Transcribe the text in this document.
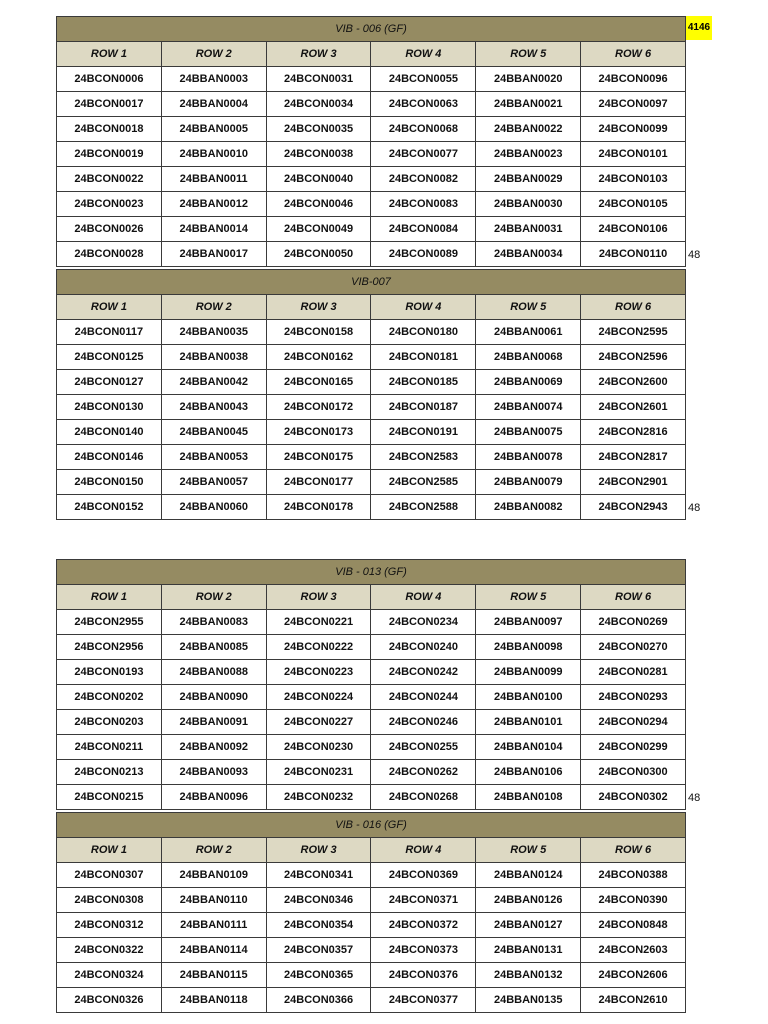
4146
VIB - 006 (GF)					
ROW 1	ROW 2	ROW 3	ROW 4	ROW 5	ROW 6
24BCON0006	24BBAN0003	24BCON0031	24BCON0055	24BBAN0020	24BCON0096
24BCON0017	24BBAN0004	24BCON0034	24BCON0063	24BBAN0021	24BCON0097
24BCON0018	24BBAN0005	24BCON0035	24BCON0068	24BBAN0022	24BCON0099
24BCON0019	24BBAN0010	24BCON0038	24BCON0077	24BBAN0023	24BCON0101
24BCON0022	24BBAN0011	24BCON0040	24BCON0082	24BBAN0029	24BCON0103
24BCON0023	24BBAN0012	24BCON0046	24BCON0083	24BBAN0030	24BCON0105
24BCON0026	24BBAN0014	24BCON0049	24BCON0084	24BBAN0031	24BCON0106
24BCON0028	24BBAN0017	24BCON0050	24BCON0089	24BBAN0034	24BCON0110 48
VIB-007					
ROW 1	ROW 2	ROW 3	ROW 4	ROW 5	ROW 6
24BCON0117	24BBAN0035	24BCON0158	24BCON0180	24BBAN0061	24BCON2595
24BCON0125	24BBAN0038	24BCON0162	24BCON0181	24BBAN0068	24BCON2596
24BCON0127	24BBAN0042	24BCON0165	24BCON0185	24BBAN0069	24BCON2600
24BCON0130	24BBAN0043	24BCON0172	24BCON0187	24BBAN0074	24BCON2601
24BCON0140	24BBAN0045	24BCON0173	24BCON0191	24BBAN0075	24BCON2816
24BCON0146	24BBAN0053	24BCON0175	24BCON2583	24BBAN0078	24BCON2817
24BCON0150	24BBAN0057	24BCON0177	24BCON2585	24BBAN0079	24BCON2901
24BCON0152	24BBAN0060	24BCON0178	24BCON2588	24BBAN0082	24BCON2943 48
VIB - 013 (GF)					
ROW 1	ROW 2	ROW 3	ROW 4	ROW 5	ROW 6
24BCON2955	24BBAN0083	24BCON0221	24BCON0234	24BBAN0097	24BCON0269
24BCON2956	24BBAN0085	24BCON0222	24BCON0240	24BBAN0098	24BCON0270
24BCON0193	24BBAN0088	24BCON0223	24BCON0242	24BBAN0099	24BCON0281
24BCON0202	24BBAN0090	24BCON0224	24BCON0244	24BBAN0100	24BCON0293
24BCON0203	24BBAN0091	24BCON0227	24BCON0246	24BBAN0101	24BCON0294
24BCON0211	24BBAN0092	24BCON0230	24BCON0255	24BBAN0104	24BCON0299
24BCON0213	24BBAN0093	24BCON0231	24BCON0262	24BBAN0106	24BCON0300
24BCON0215	24BBAN0096	24BCON0232	24BCON0268	24BBAN0108	24BCON0302 48
VIB - 016 (GF)					
ROW 1	ROW 2	ROW 3	ROW 4	ROW 5	ROW 6
24BCON0307	24BBAN0109	24BCON0341	24BCON0369	24BBAN0124	24BCON0388
24BCON0308	24BBAN0110	24BCON0346	24BCON0371	24BBAN0126	24BCON0390
24BCON0312	24BBAN0111	24BCON0354	24BCON0372	24BBAN0127	24BCON0848
24BCON0322	24BBAN0114	24BCON0357	24BCON0373	24BBAN0131	24BCON2603
24BCON0324	24BBAN0115	24BCON0365	24BCON0376	24BBAN0132	24BCON2606
24BCON0326	24BBAN0118	24BCON0366	24BCON0377	24BBAN0135	24BCON2610
